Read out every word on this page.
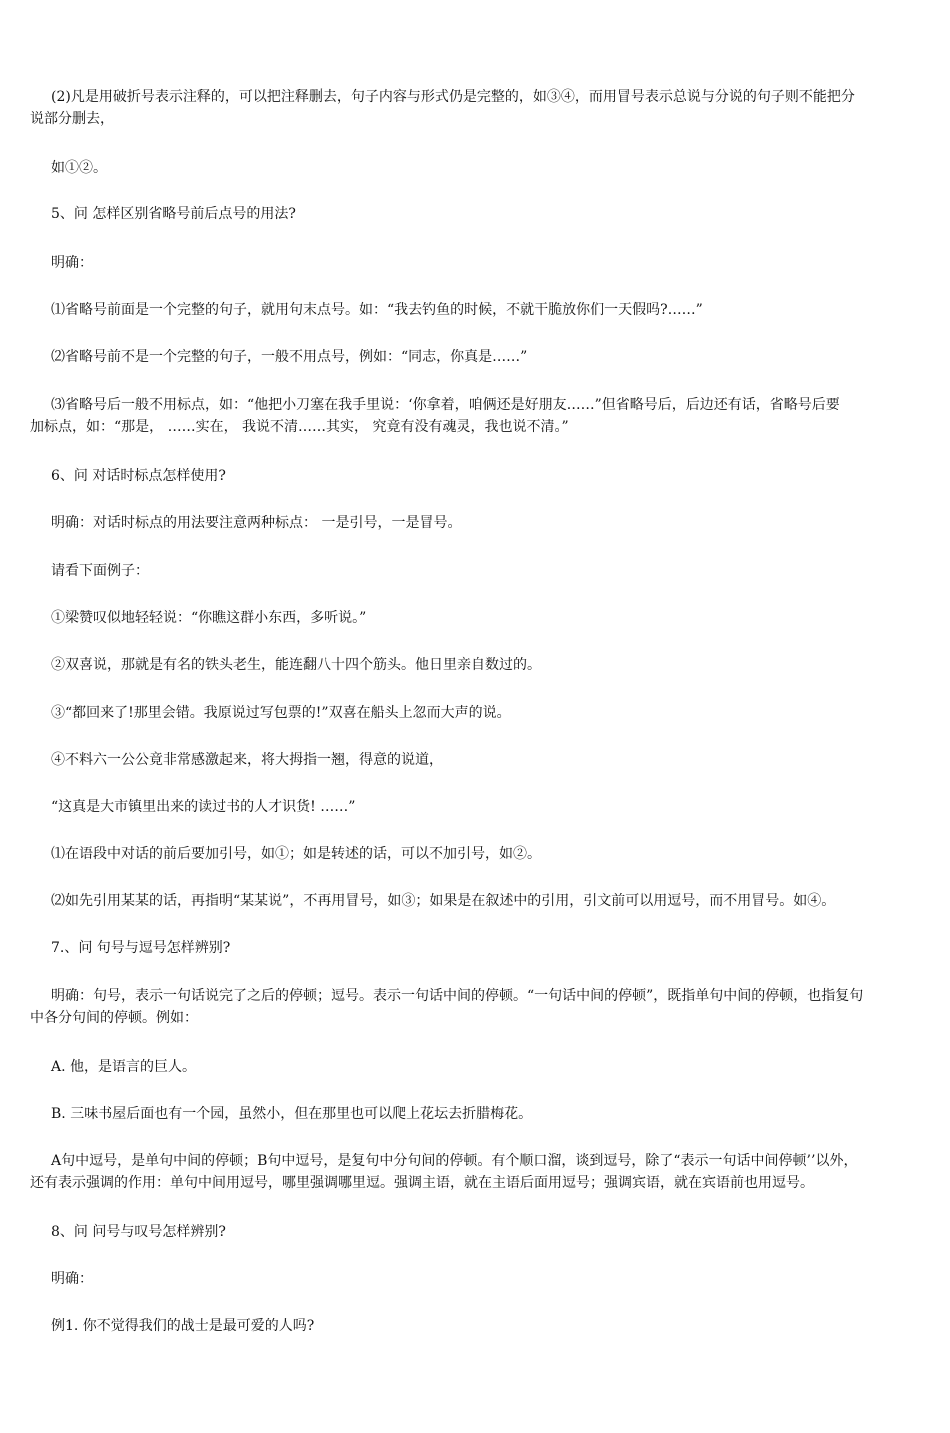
(2)凡是用破折号表示注释的，可以把注释删去，句子内容与形式仍是完整的，如③④，而用冒号表示总说与分说的句子则不能把分
说部分删去，
如①②。
5、问 怎样区别省略号前后点号的用法?
明确：
⑴省略号前面是一个完整的句子，就用句末点号。如：“我去钓鱼的时候，不就干脆放你们一天假吗?……”
⑵省略号前不是一个完整的句子，一般不用点号，例如：“同志，你真是……”
⑶省略号后一般不用标点，如：“他把小刀塞在我手里说：‘你拿着，咱俩还是好朋友……”但省略号后，后边还有话，省略号后要
加标点，如：“那是， ……实在， 我说不清……其实， 究竟有没有魂灵，我也说不清。”
6、问 对话时标点怎样使用?
明确：对话时标点的用法要注意两种标点： 一是引号，一是冒号。
请看下面例子：
①梁赞叹似地轻轻说：“你瞧这群小东西，多听说。”
②双喜说，那就是有名的铁头老生，能连翻八十四个筋头。他日里亲自数过的。
③“都回来了!那里会错。我原说过写包票的!”双喜在船头上忽而大声的说。
④不料六一公公竟非常感激起来，将大拇指一翘，得意的说道，
“这真是大市镇里出来的读过书的人才识货! ……”
⑴在语段中对话的前后要加引号，如①；如是转述的话，可以不加引号，如②。
⑵如先引用某某的话，再指明“某某说”，不再用冒号，如③；如果是在叙述中的引用，引文前可以用逗号，而不用冒号。如④。
7.、问 句号与逗号怎样辨别?
明确：句号，表示一句话说完了之后的停顿；逗号。表示一句话中间的停顿。“一句话中间的停顿”，既指单句中间的停顿，也指复句
中各分句间的停顿。例如：
A. 他，是语言的巨人。
B. 三味书屋后面也有一个园，虽然小，但在那里也可以爬上花坛去折腊梅花。
A句中逗号，是单句中间的停顿；B句中逗号，是复句中分句间的停顿。有个顺口溜，谈到逗号，除了“表示一句话中间停顿’’以外，
还有表示强调的作用：单句中间用逗号，哪里强调哪里逗。强调主语，就在主语后面用逗号；强调宾语，就在宾语前也用逗号。
8、问 问号与叹号怎样辨别?
明确：
例1. 你不觉得我们的战士是最可爱的人吗?
